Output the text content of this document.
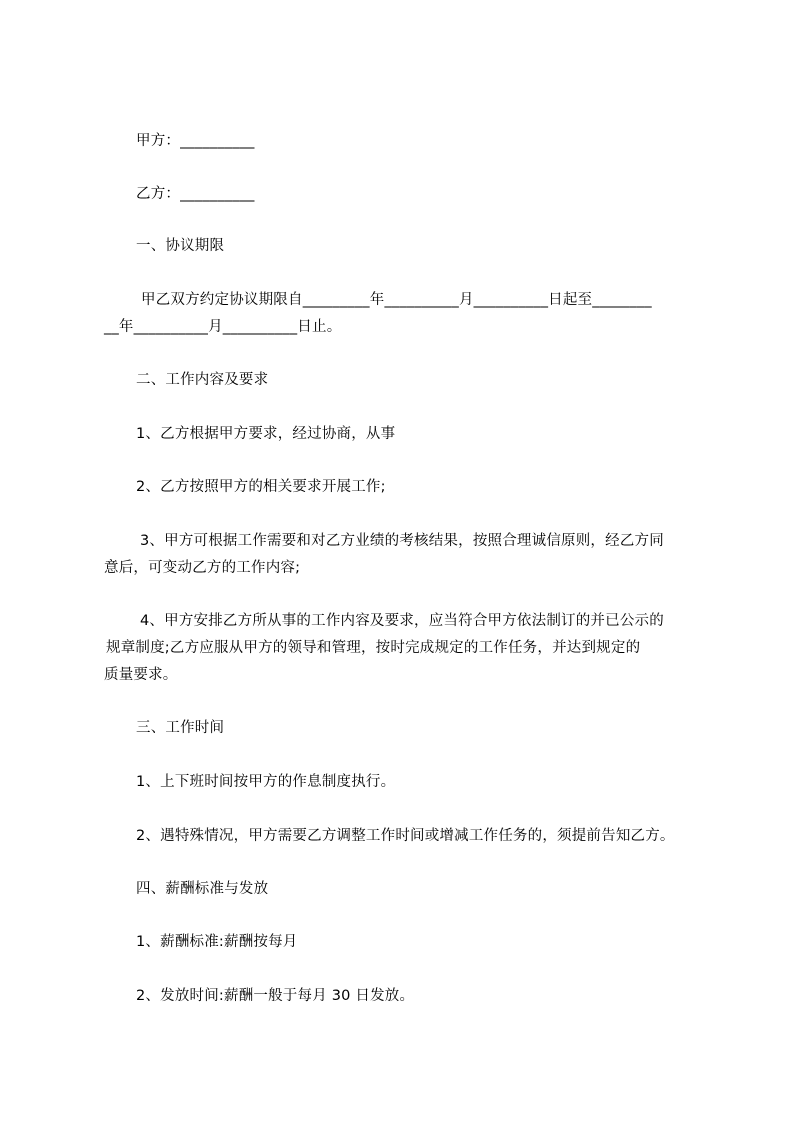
甲方：__________
乙方：__________
一、协议期限
甲乙双方约定协议期限自_________年__________月__________日起至________
__年__________月__________日止。
二、工作内容及要求
1、乙方根据甲方要求，经过协商，从事
2、乙方按照甲方的相关要求开展工作;
3、甲方可根据工作需要和对乙方业绩的考核结果，按照合理诚信原则，经乙方同
意后，可变动乙方的工作内容;
4、甲方安排乙方所从事的工作内容及要求，应当符合甲方依法制订的并已公示的
规章制度;乙方应服从甲方的领导和管理，按时完成规定的工作任务，并达到规定的
质量要求。
三、工作时间
1、上下班时间按甲方的作息制度执行。
2、遇特殊情况，甲方需要乙方调整工作时间或增减工作任务的，须提前告知乙方。
四、薪酬标准与发放
1、薪酬标准:薪酬按每月
2、发放时间:薪酬一般于每月 30 日发放。
